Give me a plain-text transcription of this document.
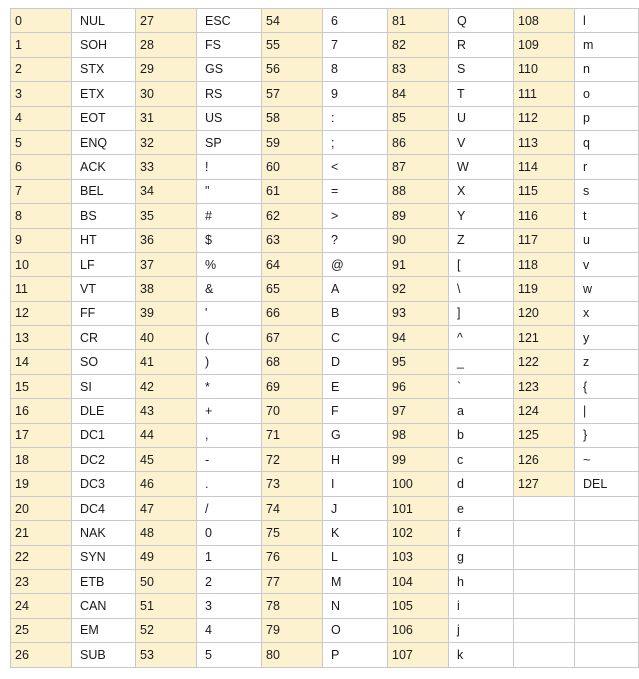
0	NUL	27	ESC	54	6	81	Q	108	l
1	SOH	28	FS	55	7	82	R	109	m
2	STX	29	GS	56	8	83	S	110	n
3	ETX	30	RS	57	9	84	T	111	o
4	EOT	31	US	58	:	85	U	112	p
5	ENQ	32	SP	59	;	86	V	113	q
6	ACK	33	!	60	<	87	W	114	r
7	BEL	34	"	61	=	88	X	115	s
8	BS	35	#	62	>	89	Y	116	t
9	HT	36	$	63	?	90	Z	117	u
10	LF	37	%	64	@	91	[	118	v
11	VT	38	&	65	A	92	\	119	w
12	FF	39	'	66	B	93	]	120	x
13	CR	40	(	67	C	94	^	121	y
14	SO	41	)	68	D	95	_	122	z
15	SI	42	*	69	E	96	`	123	{
16	DLE	43	+	70	F	97	a	124	|
17	DC1	44	,	71	G	98	b	125	}
18	DC2	45	-	72	H	99	c	126	~
19	DC3	46	.	73	I	100	d	127	DEL
20	DC4	47	/	74	J	101	e		
21	NAK	48	0	75	K	102	f		
22	SYN	49	1	76	L	103	g		
23	ETB	50	2	77	M	104	h		
24	CAN	51	3	78	N	105	i		
25	EM	52	4	79	O	106	j		
26	SUB	53	5	80	P	107	k		
